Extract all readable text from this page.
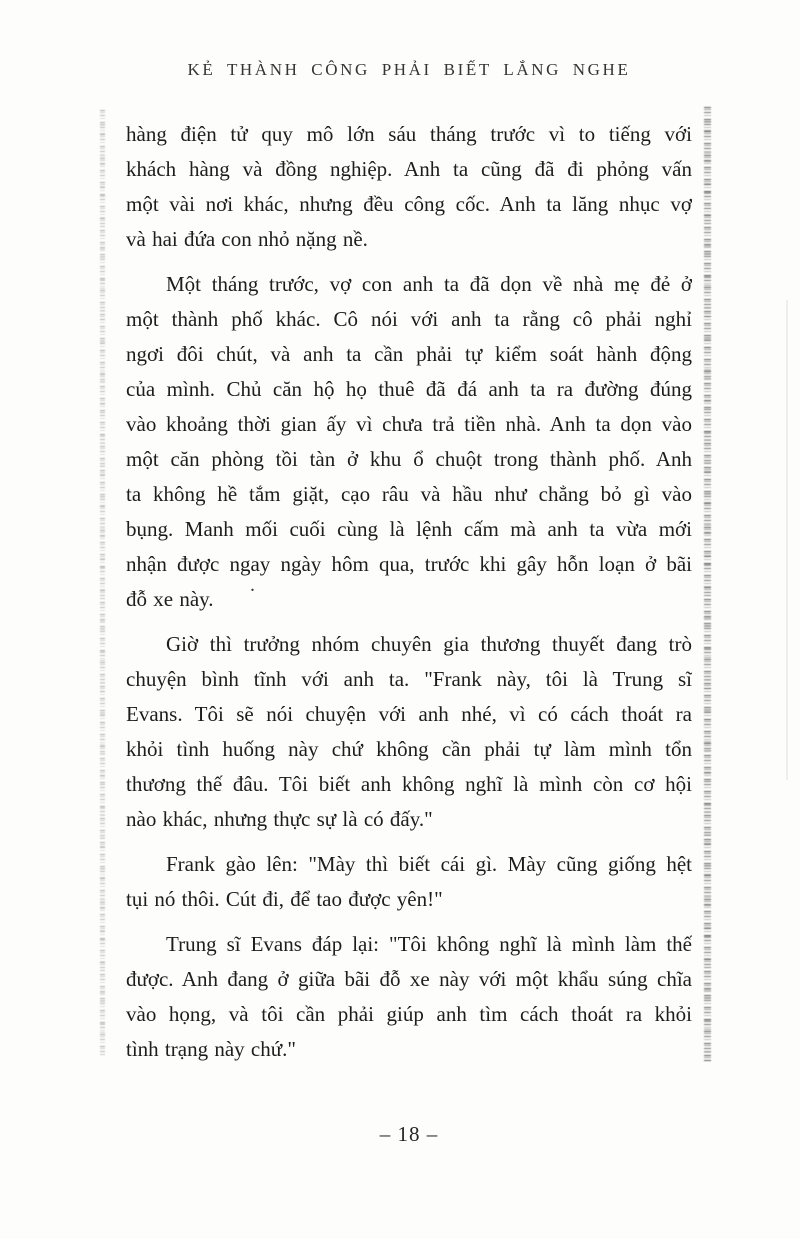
KẺ THÀNH CÔNG PHẢI BIẾT LẮNG NGHE
hàng điện tử quy mô lớn sáu tháng trước vì to tiếng với
khách hàng và đồng nghiệp. Anh ta cũng đã đi phỏng vấn
một vài nơi khác, nhưng đều công cốc. Anh ta lăng nhục vợ
và hai đứa con nhỏ nặng nề.
Một tháng trước, vợ con anh ta đã dọn về nhà mẹ đẻ ở
một thành phố khác. Cô nói với anh ta rằng cô phải nghỉ
ngơi đôi chút, và anh ta cần phải tự kiểm soát hành động
của mình. Chủ căn hộ họ thuê đã đá anh ta ra đường đúng
vào khoảng thời gian ấy vì chưa trả tiền nhà. Anh ta dọn vào
một căn phòng tồi tàn ở khu ổ chuột trong thành phố. Anh
ta không hề tắm giặt, cạo râu và hầu như chẳng bỏ gì vào
bụng. Manh mối cuối cùng là lệnh cấm mà anh ta vừa mới
nhận được ngay ngày hôm qua, trước khi gây hỗn loạn ở bãi
đỗ xe này.
Giờ thì trưởng nhóm chuyên gia thương thuyết đang trò
chuyện bình tĩnh với anh ta. "Frank này, tôi là Trung sĩ
Evans. Tôi sẽ nói chuyện với anh nhé, vì có cách thoát ra
khỏi tình huống này chứ không cần phải tự làm mình tổn
thương thế đâu. Tôi biết anh không nghĩ là mình còn cơ hội
nào khác, nhưng thực sự là có đấy."
Frank gào lên: "Mày thì biết cái gì. Mày cũng giống hệt
tụi nó thôi. Cút đi, để tao được yên!"
Trung sĩ Evans đáp lại: "Tôi không nghĩ là mình làm thế
được. Anh đang ở giữa bãi đỗ xe này với một khẩu súng chĩa
vào họng, và tôi cần phải giúp anh tìm cách thoát ra khỏi
tình trạng này chứ."
.
– 18 –
